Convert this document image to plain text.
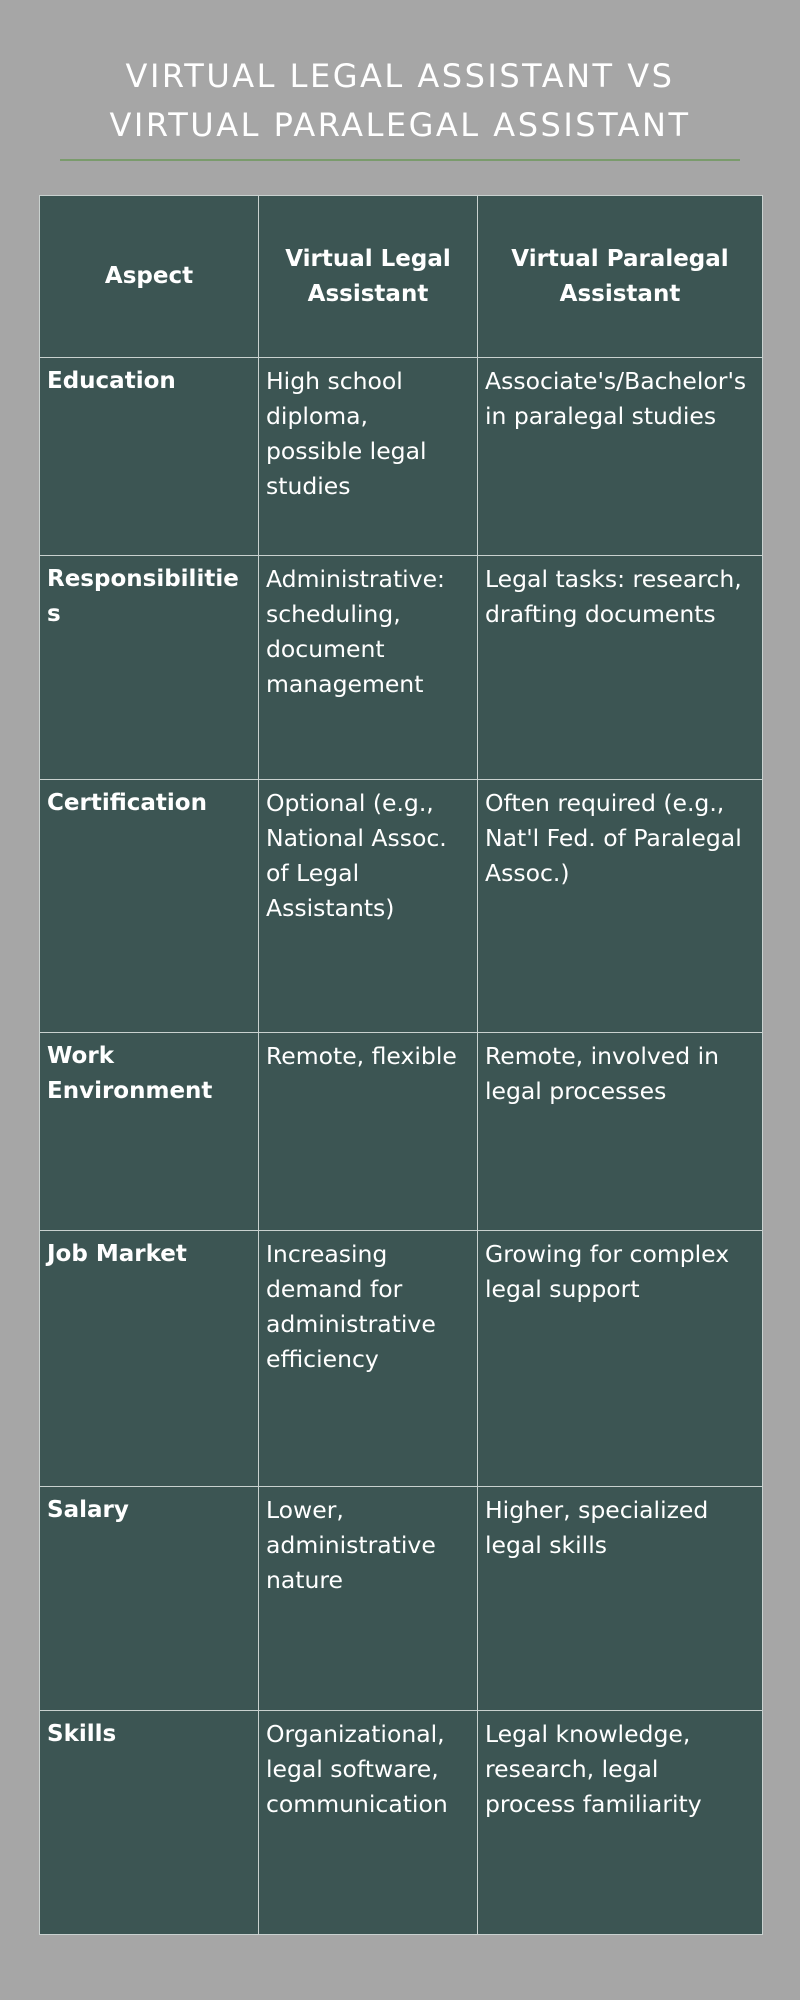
VIRTUAL LEGAL ASSISTANT VS
VIRTUAL PARALEGAL ASSISTANT
Aspect	Virtual Legal Assistant	Virtual Paralegal Assistant
Education	High school diploma, possible legal studies	Associate's/Bachelor's in paralegal studies
Responsibilities	Administrative: scheduling, document management	Legal tasks: research, drafting documents
Certification	Optional (e.g., National Assoc. of Legal Assistants)	Often required (e.g., Nat'l Fed. of Paralegal Assoc.)
Work Environment	Remote, flexible	Remote, involved in legal processes
Job Market	Increasing demand for administrative efficiency	Growing for complex legal support
Salary	Lower, administrative nature	Higher, specialized legal skills
Skills	Organizational, legal software, communication	Legal knowledge, research, legal process familiarity
